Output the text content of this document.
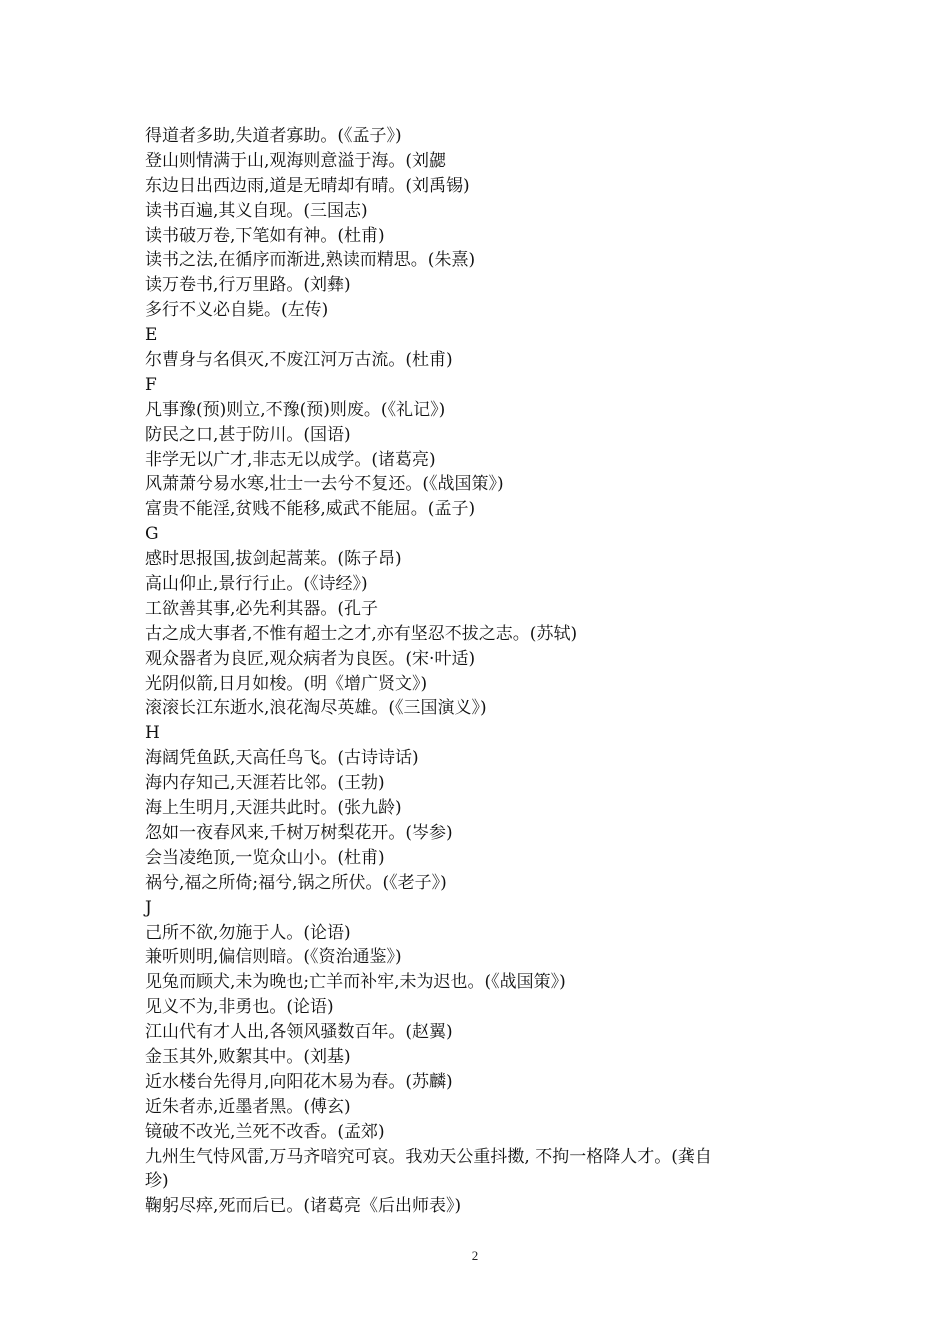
得道者多助,失道者寡助。(《孟子》)
登山则情满于山,观海则意溢于海。(刘勰
东边日出西边雨,道是无晴却有晴。(刘禹锡)
读书百遍,其义自现。(三国志)
读书破万卷,下笔如有神。(杜甫)
读书之法,在循序而渐进,熟读而精思。(朱熹)
读万卷书,行万里路。(刘彝)
多行不义必自毙。(左传)
E
尔曹身与名俱灭,不废江河万古流。(杜甫)
F
凡事豫(预)则立,不豫(预)则废。(《礼记》)
防民之口,甚于防川。(国语)
非学无以广才,非志无以成学。(诸葛亮)
风萧萧兮易水寒,壮士一去兮不复还。(《战国策》)
富贵不能淫,贫贱不能移,威武不能屈。(孟子)
G
感时思报国,拔剑起蒿莱。(陈子昂)
高山仰止,景行行止。(《诗经》)
工欲善其事,必先利其器。(孔子
古之成大事者,不惟有超士之才,亦有坚忍不拔之志。(苏轼)
观众器者为良匠,观众病者为良医。(宋·叶适)
光阴似箭,日月如梭。(明《增广贤文》)
滚滚长江东逝水,浪花淘尽英雄。(《三国演义》)
H
海阔凭鱼跃,天高任鸟飞。(古诗诗话)
海内存知己,天涯若比邻。(王勃)
海上生明月,天涯共此时。(张九龄)
忽如一夜春风来,千树万树梨花开。(岑参)
会当凌绝顶,一览众山小。(杜甫)
祸兮,福之所倚;福兮,锅之所伏。(《老子》)
J
己所不欲,勿施于人。(论语)
兼听则明,偏信则暗。(《资治通鉴》)
见兔而顾犬,未为晚也;亡羊而补牢,未为迟也。(《战国策》)
见义不为,非勇也。(论语)
江山代有才人出,各领风骚数百年。(赵翼)
金玉其外,败絮其中。(刘基)
近水楼台先得月,向阳花木易为春。(苏麟)
近朱者赤,近墨者黑。(傅玄)
镜破不改光,兰死不改香。(孟郊)
九州生气恃风雷,万马齐喑究可哀。我劝天公重抖擞, 不拘一格降人才。(龚自
珍)
鞠躬尽瘁,死而后已。(诸葛亮《后出师表》)
2
